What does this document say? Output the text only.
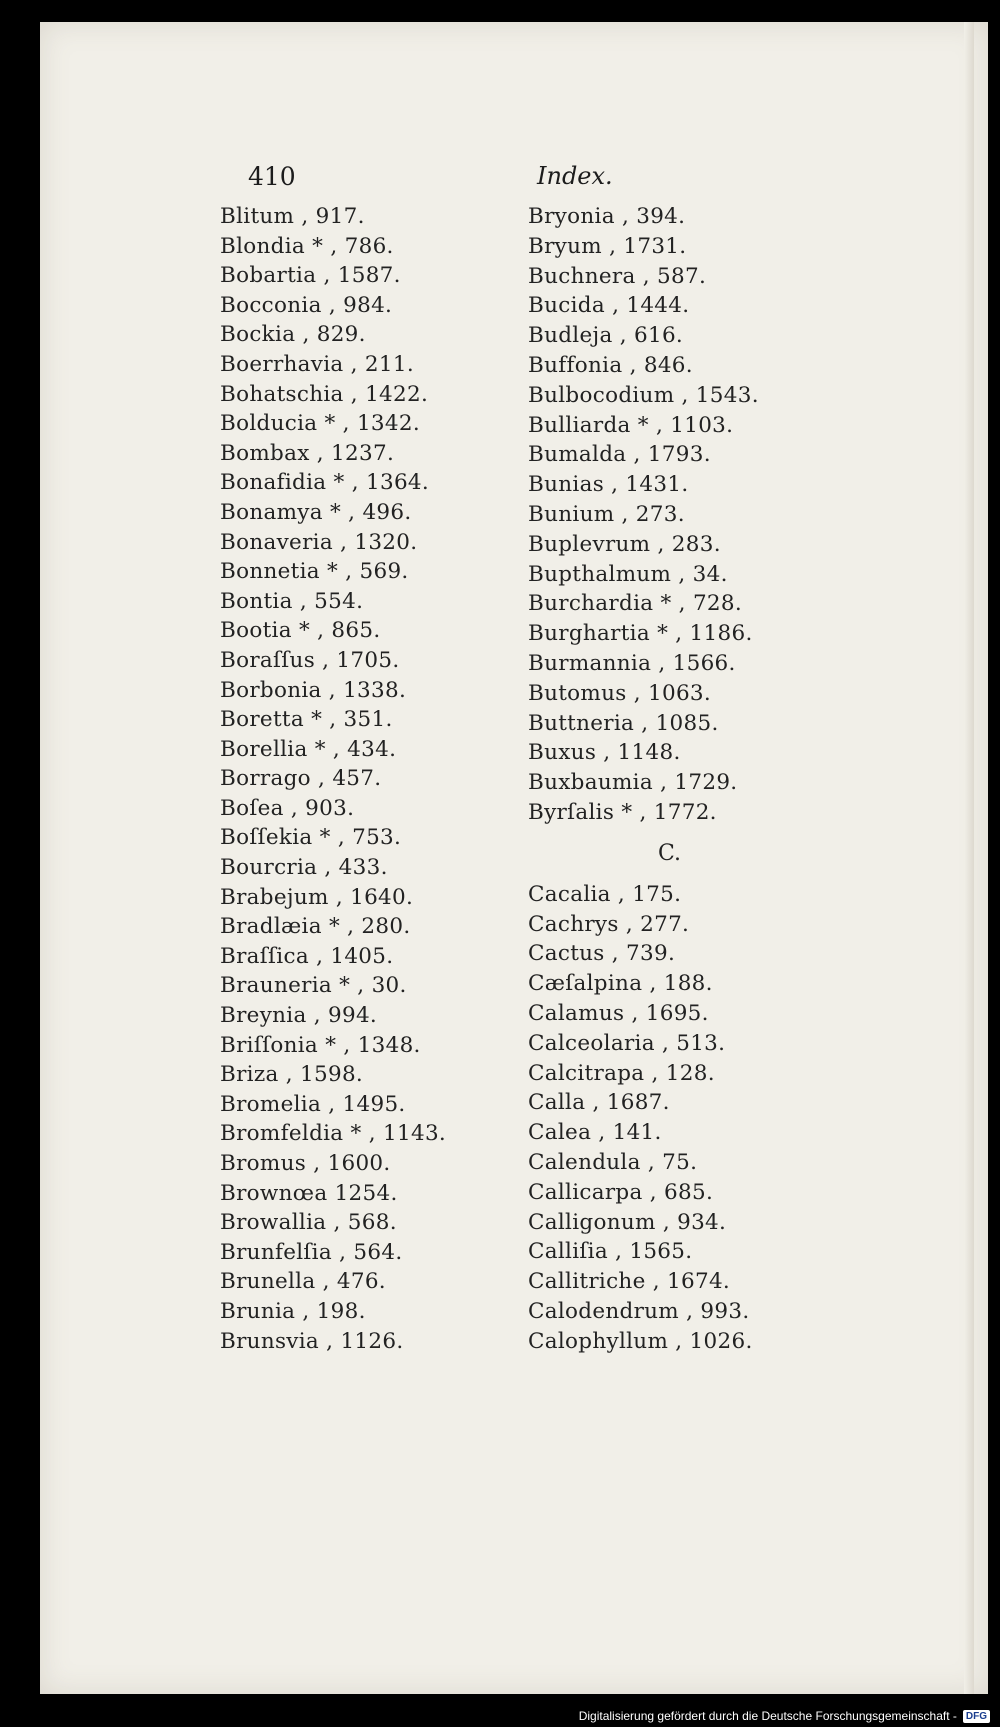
410	Index.
Blitum , 917.
Blondia * , 786.
Bobartia , 1587.
Bocconia , 984.
Bockia , 829.
Boerrhavia , 211.
Bohatschia , 1422.
Bolducia * , 1342.
Bombax , 1237.
Bonafidia * , 1364.
Bonamya * , 496.
Bonaveria , 1320.
Bonnetia * , 569.
Bontia , 554.
Bootia * , 865.
Boraſſus , 1705.
Borbonia , 1338.
Boretta * , 351.
Borellia * , 434.
Borrago , 457.
Boſea , 903.
Boſſekia * , 753.
Bourcria , 433.
Brabejum , 1640.
Bradlæia * , 280.
Braſſica , 1405.
Brauneria * , 30.
Breynia , 994.
Briſſonia * , 1348.
Briza , 1598.
Bromelia , 1495.
Bromfeldia * , 1143.
Bromus , 1600.
Brownœa 1254.
Browallia , 568.
Brunfelſia , 564.
Brunella , 476.
Brunia , 198.
Brunsvia , 1126.
Bryonia , 394.
Bryum , 1731.
Buchnera , 587.
Bucida , 1444.
Budleja , 616.
Buffonia , 846.
Bulbocodium , 1543.
Bulliarda * , 1103.
Bumalda , 1793.
Bunias , 1431.
Bunium , 273.
Buplevrum , 283.
Bupthalmum , 34.
Burchardia * , 728.
Burghartia * , 1186.
Burmannia , 1566.
Butomus , 1063.
Buttneria , 1085.
Buxus , 1148.
Buxbaumia , 1729.
Byrſalis * , 1772.
C.
Cacalia , 175.
Cachrys , 277.
Cactus , 739.
Cæſalpina , 188.
Calamus , 1695.
Calceolaria , 513.
Calcitrapa , 128.
Calla , 1687.
Calea , 141.
Calendula , 75.
Callicarpa , 685.
Calligonum , 934.
Calliſia , 1565.
Callitriche , 1674.
Calodendrum , 993.
Calophyllum , 1026.
Digitalisierung gefördert durch die Deutsche Forschungsgemeinschaft - DFG
